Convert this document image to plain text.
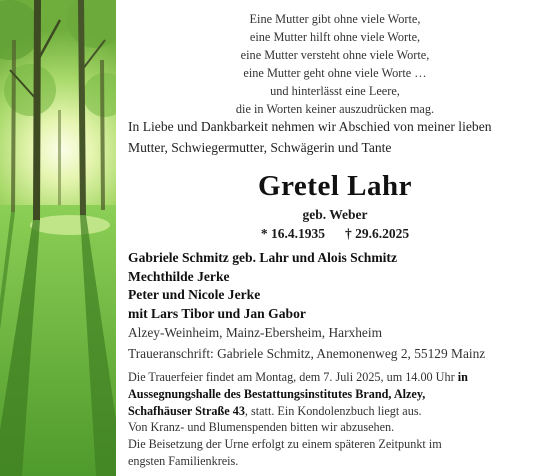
Eine Mutter gibt ohne viele Worte,
eine Mutter hilft ohne viele Worte,
eine Mutter versteht ohne viele Worte,
eine Mutter geht ohne viele Worte …
und hinterlässt eine Leere,
die in Worten keiner auszudrücken mag.
In Liebe und Dankbarkeit nehmen wir Abschied von meiner lieben
Mutter, Schwiegermutter, Schwägerin und Tante
Gretel Lahr
geb. Weber
* 16.4.1935 † 29.6.2025
Gabriele Schmitz geb. Lahr und Alois Schmitz
Mechthilde Jerke
Peter und Nicole Jerke
mit Lars Tibor und Jan Gabor
Alzey-Weinheim, Mainz-Ebersheim, Harxheim
Traueranschrift: Gabriele Schmitz, Anemonenweg 2, 55129 Mainz
Die Trauerfeier findet am Montag, dem 7. Juli 2025, um 14.00 Uhr in
Aussegnungshalle des Bestattungsinstitutes Brand, Alzey,
Schafhäuser Straße 43, statt. Ein Kondolenzbuch liegt aus.
Von Kranz- und Blumenspenden bitten wir abzusehen.
Die Beisetzung der Urne erfolgt zu einem späteren Zeitpunkt im
engsten Familienkreis.
